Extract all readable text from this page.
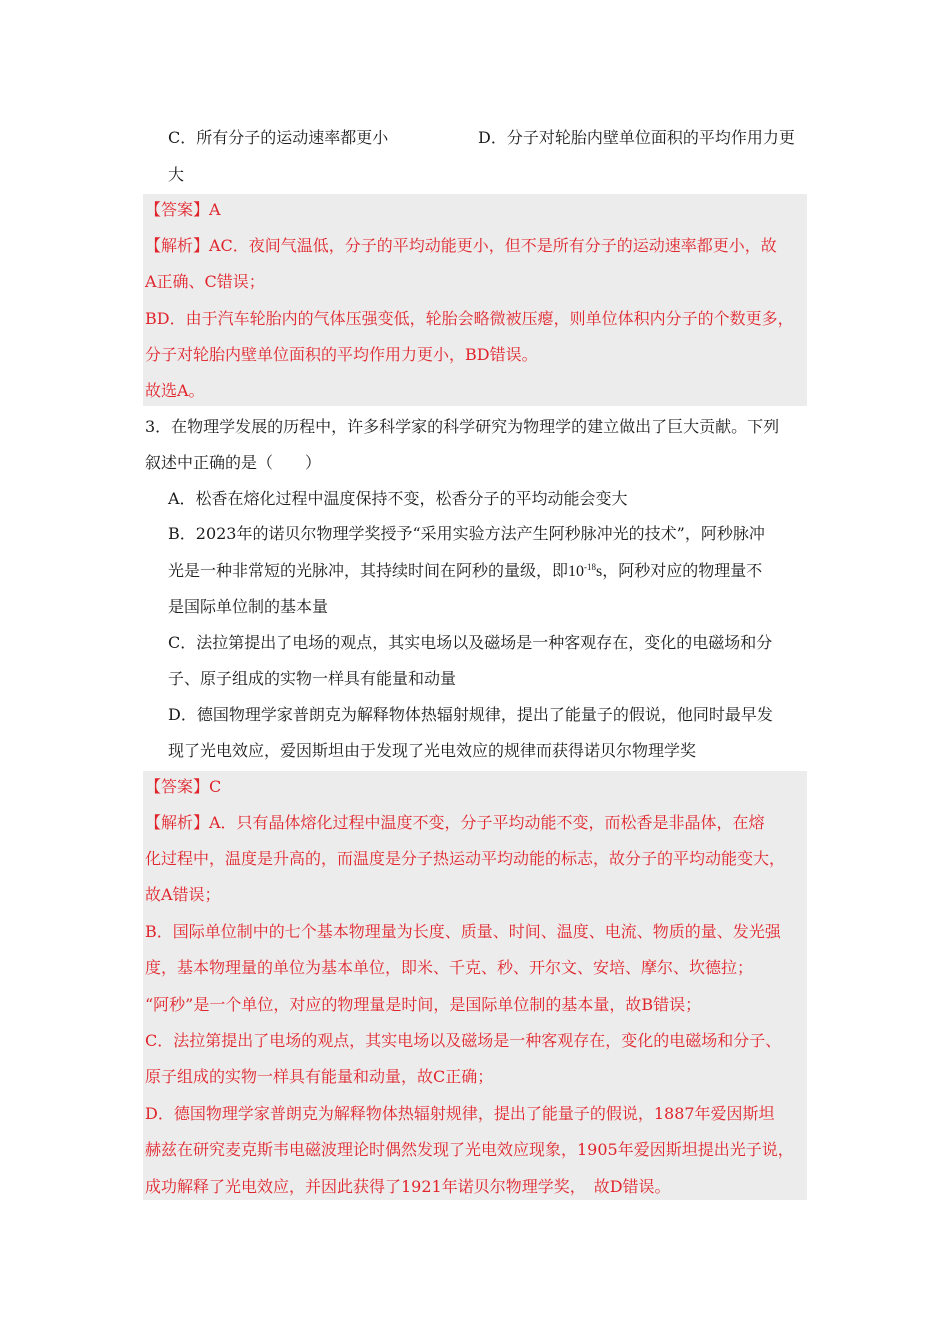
C．所有分子的运动速率都更小	D．分子对轮胎内壁单位面积的平均作用力更
大
【答案】A
【解析】AC．夜间气温低，分子的平均动能更小，但不是所有分子的运动速率都更小，故
A正确、C错误；
BD．由于汽车轮胎内的气体压强变低，轮胎会略微被压瘪，则单位体积内分子的个数更多，
分子对轮胎内壁单位面积的平均作用力更小，BD错误。
故选A。
3．在物理学发展的历程中，许多科学家的科学研究为物理学的建立做出了巨大贡献。下列
叙述中正确的是（　　）
A．松香在熔化过程中温度保持不变，松香分子的平均动能会变大
B．2023年的诺贝尔物理学奖授予“采用实验方法产生阿秒脉冲光的技术”，阿秒脉冲
光是一种非常短的光脉冲，其持续时间在阿秒的量级，即$10^{-18}s$，阿秒对应的物理量不
是国际单位制的基本量
C．法拉第提出了电场的观点，其实电场以及磁场是一种客观存在，变化的电磁场和分
子、原子组成的实物一样具有能量和动量
D．德国物理学家普朗克为解释物体热辐射规律，提出了能量子的假说，他同时最早发
现了光电效应，爱因斯坦由于发现了光电效应的规律而获得诺贝尔物理学奖
【答案】C
【解析】A．只有晶体熔化过程中温度不变，分子平均动能不变，而松香是非晶体，在熔
化过程中，温度是升高的，而温度是分子热运动平均动能的标志，故分子的平均动能变大，
故A错误；
B．国际单位制中的七个基本物理量为长度、质量、时间、温度、电流、物质的量、发光强
度，基本物理量的单位为基本单位，即米、千克、秒、开尔文、安培、摩尔、坎德拉；
“阿秒”是一个单位，对应的物理量是时间，是国际单位制的基本量，故B错误；
C．法拉第提出了电场的观点，其实电场以及磁场是一种客观存在，变化的电磁场和分子、
原子组成的实物一样具有能量和动量，故C正确；
D．德国物理学家普朗克为解释物体热辐射规律，提出了能量子的假说，1887年爱因斯坦
赫兹在研究麦克斯韦电磁波理论时偶然发现了光电效应现象，1905年爱因斯坦提出光子说，
成功解释了光电效应，并因此获得了1921年诺贝尔物理学奖，　故D错误。
